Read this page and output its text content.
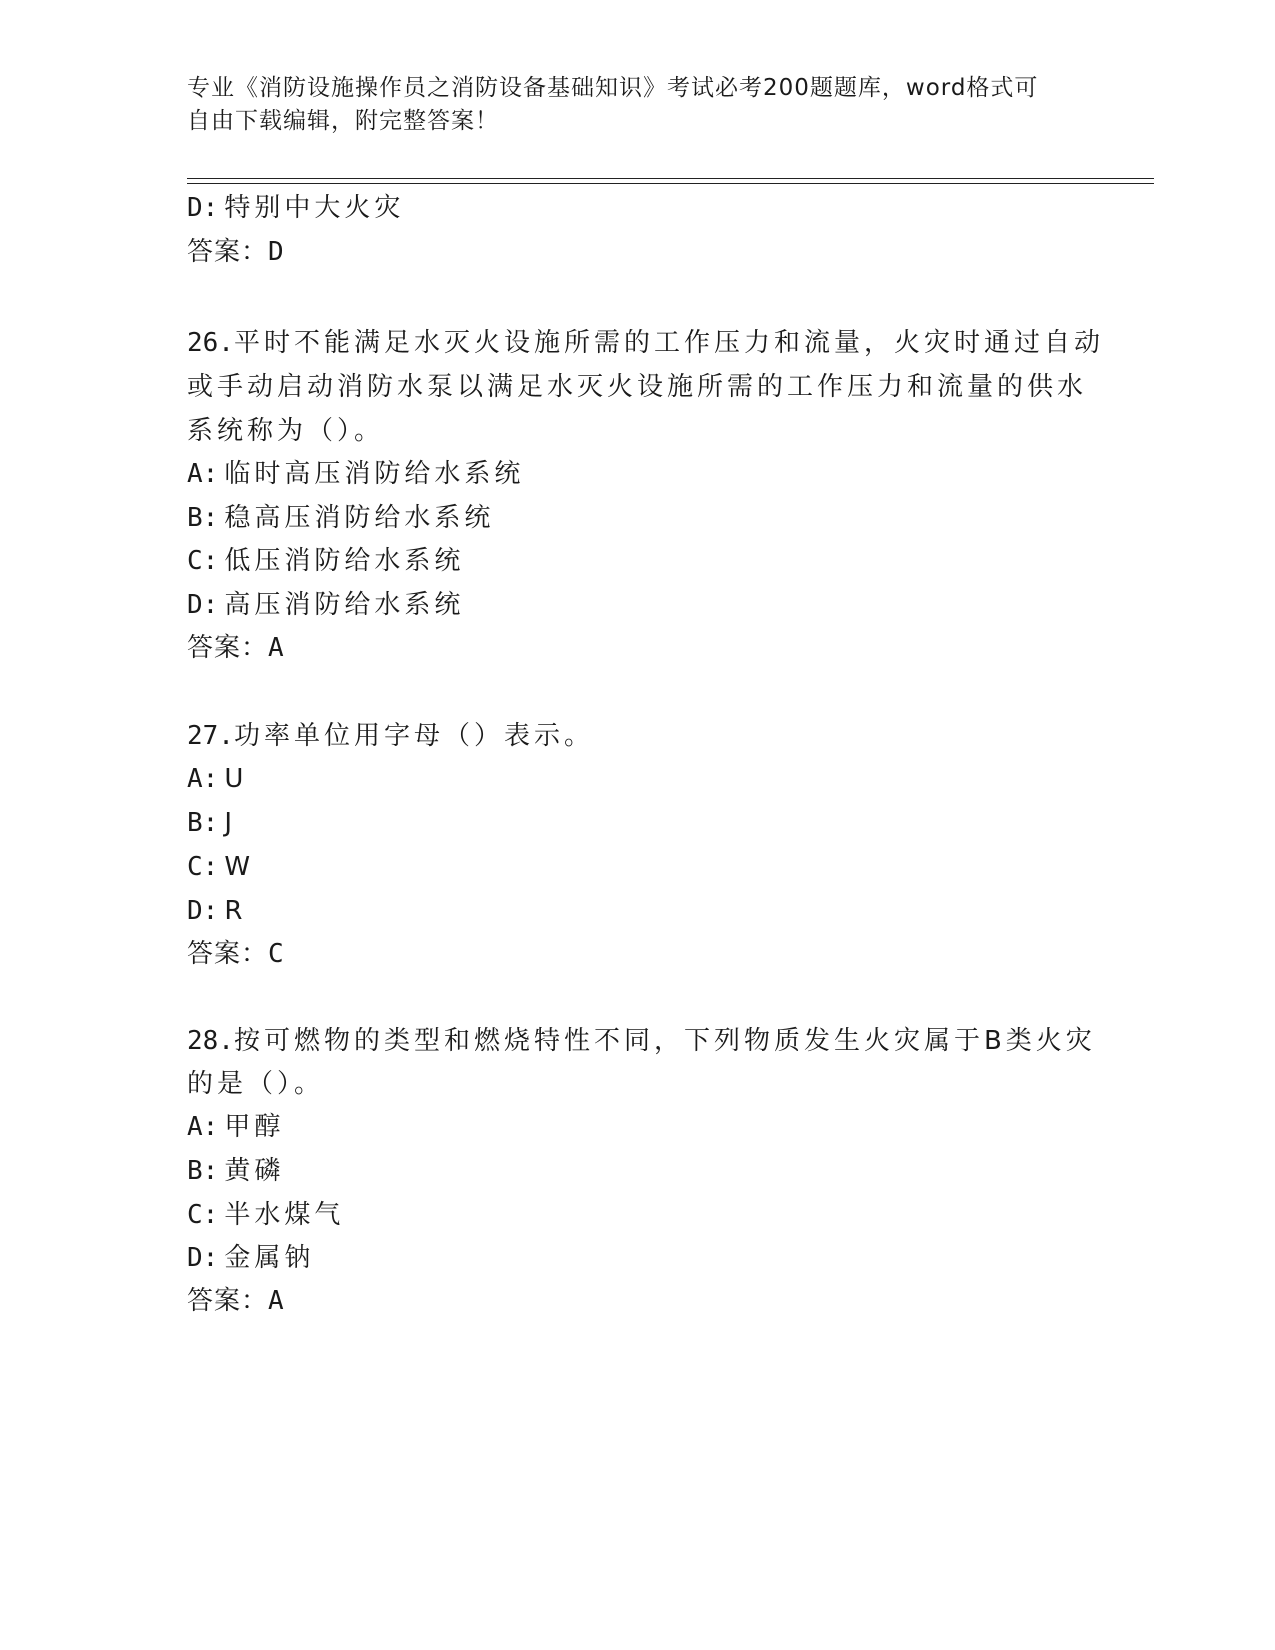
专业《消防设施操作员之消防设备基础知识》考试必考200题题库，word格式可
自由下载编辑，附完整答案！
D: 特别中大火灾
答案：D
26.平时不能满足水灭火设施所需的工作压力和流量，火灾时通过自动
或手动启动消防水泵以满足水灭火设施所需的工作压力和流量的供水
系统称为（）。
A: 临时高压消防给水系统
B: 稳高压消防给水系统
C: 低压消防给水系统
D: 高压消防给水系统
答案：A
27.功率单位用字母（）表示。
A: U
B: J
C: W
D: R
答案：C
28.按可燃物的类型和燃烧特性不同，下列物质发生火灾属于B类火灾
的是（）。
A: 甲醇
B: 黄磷
C: 半水煤气
D: 金属钠
答案：A
